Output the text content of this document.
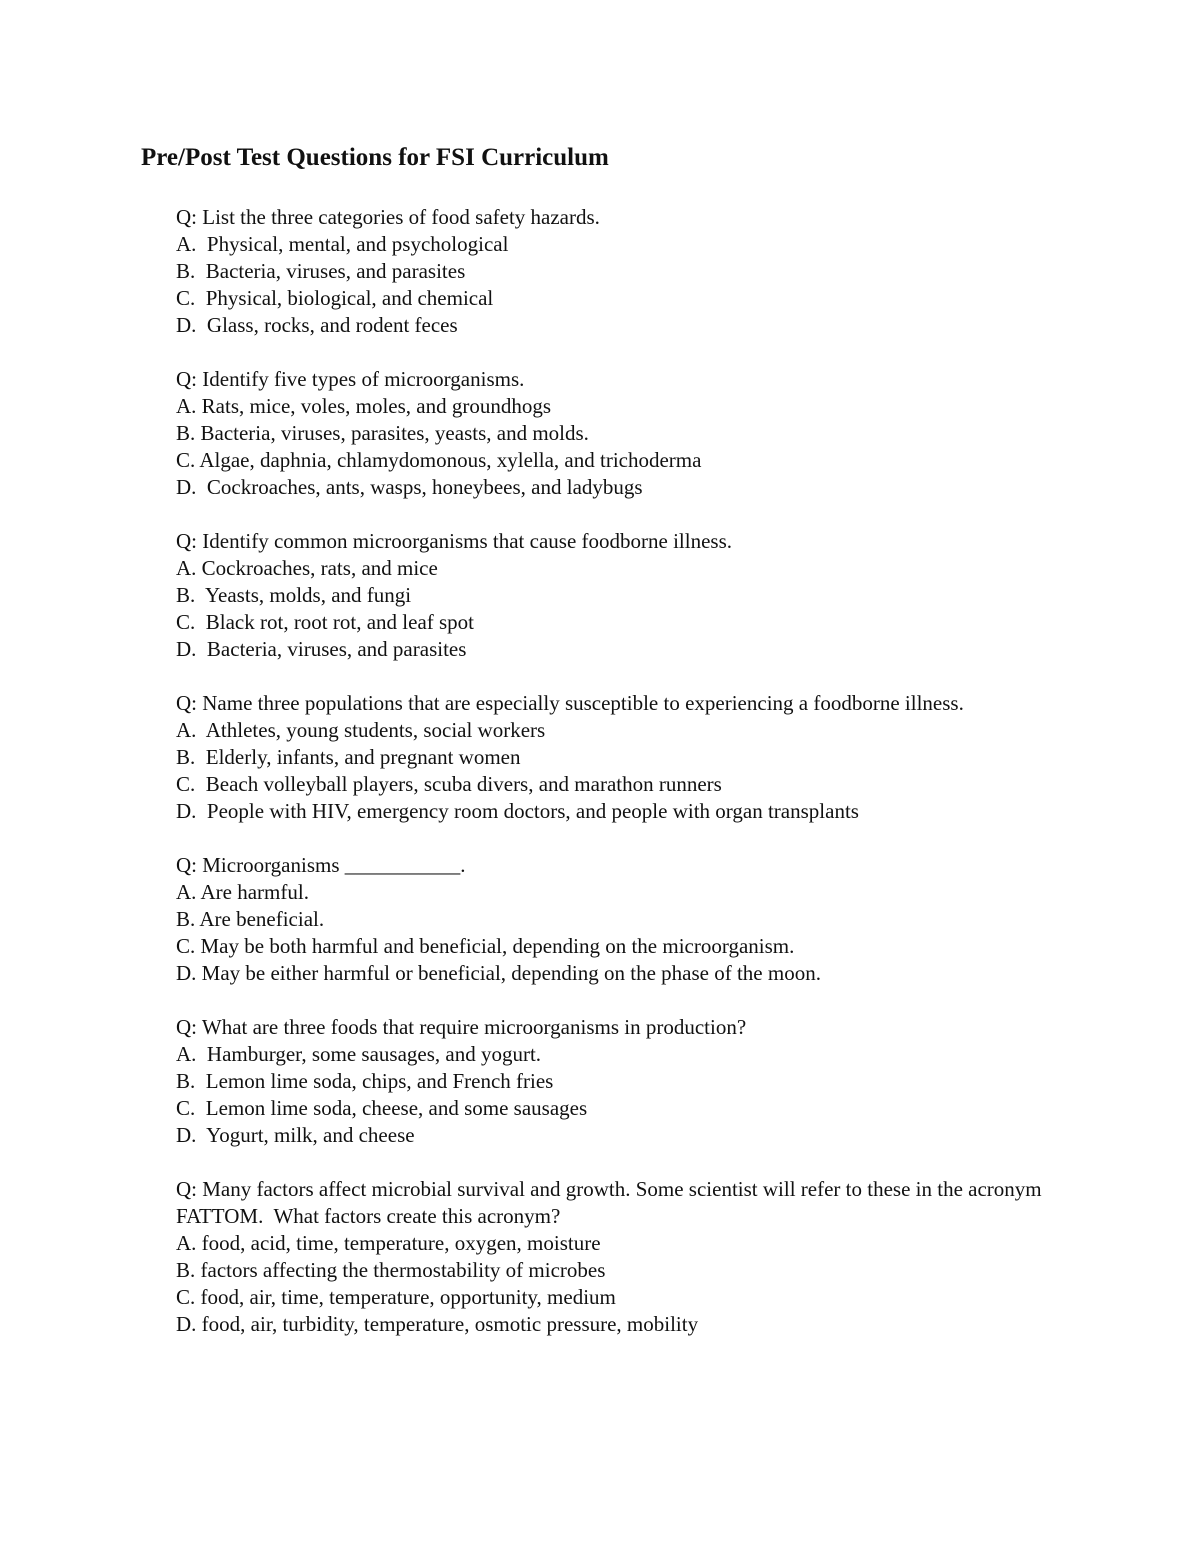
Pre/Post Test Questions for FSI Curriculum
Q: List the three categories of food safety hazards.
A.  Physical, mental, and psychological
B.  Bacteria, viruses, and parasites
C.  Physical, biological, and chemical
D.  Glass, rocks, and rodent feces
Q: Identify five types of microorganisms.
A. Rats, mice, voles, moles, and groundhogs
B. Bacteria, viruses, parasites, yeasts, and molds.
C. Algae, daphnia, chlamydomonous, xylella, and trichoderma
D.  Cockroaches, ants, wasps, honeybees, and ladybugs
Q: Identify common microorganisms that cause foodborne illness.
A. Cockroaches, rats, and mice
B.  Yeasts, molds, and fungi
C.  Black rot, root rot, and leaf spot
D.  Bacteria, viruses, and parasites
Q: Name three populations that are especially susceptible to experiencing a foodborne illness.
A.  Athletes, young students, social workers
B.  Elderly, infants, and pregnant women
C.  Beach volleyball players, scuba divers, and marathon runners
D.  People with HIV, emergency room doctors, and people with organ transplants
Q: Microorganisms ___________.
A. Are harmful.
B. Are beneficial.
C. May be both harmful and beneficial, depending on the microorganism.
D. May be either harmful or beneficial, depending on the phase of the moon.
Q: What are three foods that require microorganisms in production?
A.  Hamburger, some sausages, and yogurt.
B.  Lemon lime soda, chips, and French fries
C.  Lemon lime soda, cheese, and some sausages
D.  Yogurt, milk, and cheese
Q: Many factors affect microbial survival and growth. Some scientist will refer to these in the acronym FATTOM.  What factors create this acronym?
A. food, acid, time, temperature, oxygen, moisture
B. factors affecting the thermostability of microbes
C. food, air, time, temperature, opportunity, medium
D. food, air, turbidity, temperature, osmotic pressure, mobility
